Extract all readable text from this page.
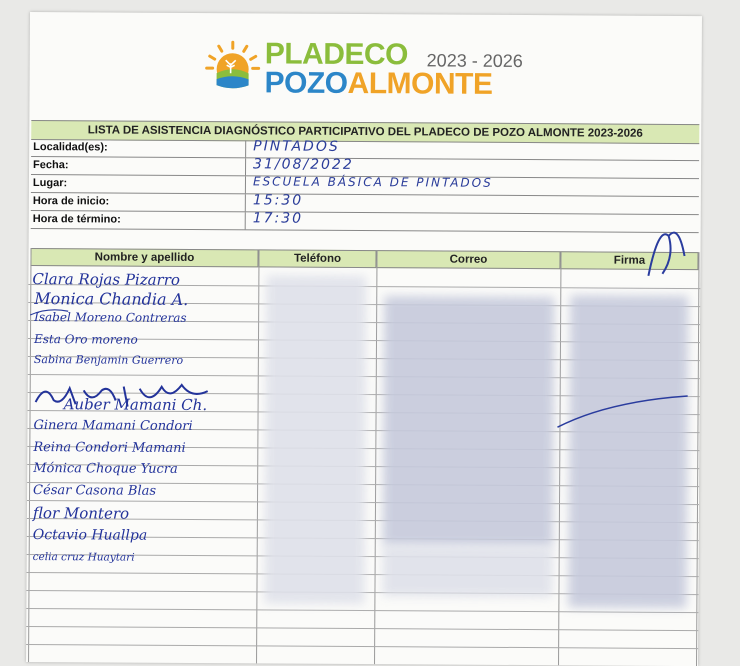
PLADECO 2023 - 2026
POZOALMONTE
LISTA DE ASISTENCIA DIAGNÓSTICO PARTICIPATIVO DEL PLADECO DE POZO ALMONTE 2023-2026
Localidad(es):	PINTADOS
Fecha:	31/08/2022
Lugar:	ESCUELA BÁSICA DE PINTADOS
Hora de inicio:	15:30
Hora de término:	17:30
Nombre y apellido	Teléfono	Correo	Firma
Clara Rojas Pizarro
Monica Chandia A.
Isabel Moreno Contreras
Esta Oro moreno
Sabina Benjamin Guerrero
Auber Mamani Ch.
Ginera Mamani Condori
Reina Condori Mamani
Mónica Choque Yucra
César Casona Blas
flor Montero
Octavio Huallpa
celia cruz Huaytari
